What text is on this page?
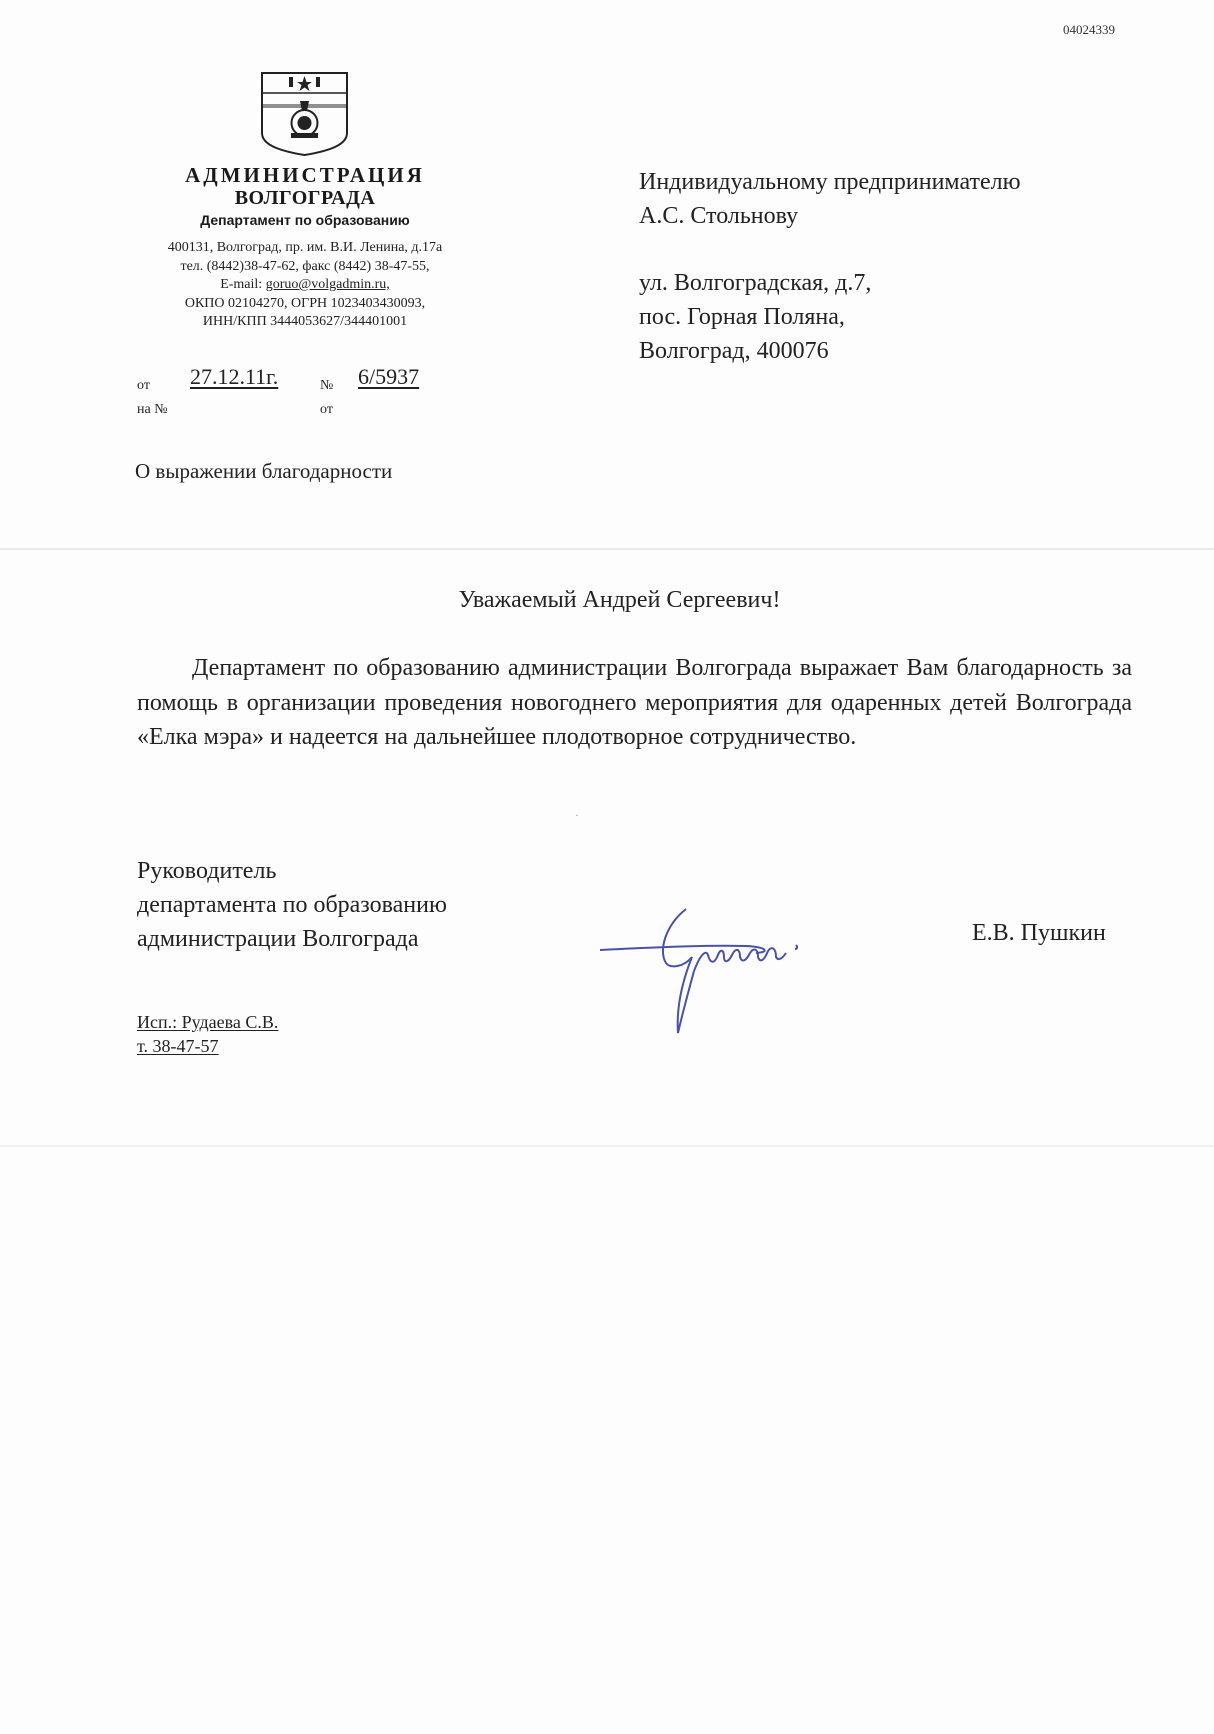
·
04024339
АДМИНИСТРАЦИЯ
ВОЛГОГРАДА
Департамент по образованию
400131, Волгоград, пр. им. В.И. Ленина, д.17а
тел. (8442)38-47-62, факс (8442) 38-47-55,
E-mail: goruo@volgadmin.ru,
ОКПО 02104270, ОГРН 1023403430093,
ИНН/КПП 3444053627/344401001
Индивидуальному предпринимателю
А.С. Стольнову
ул. Волгоградская, д.7,
пос. Горная Поляна,
Волгоград, 400076
от 27.12.11г.	№ 6/5937
на №	от
О выражении благодарности
Уважаемый Андрей Сергеевич!

Департамент по образованию администрации Волгограда выражает Вам благодарность за помощь в организации проведения новогоднего мероприятия для одаренных детей Волгограда «Елка мэра» и надеется на дальнейшее плодотворное сотрудничество.

Руководитель
департамента по образованию
администрации Волгограда	Е.В. Пушкин
Исп.: Рудаева С.В.
т. 38-47-57
